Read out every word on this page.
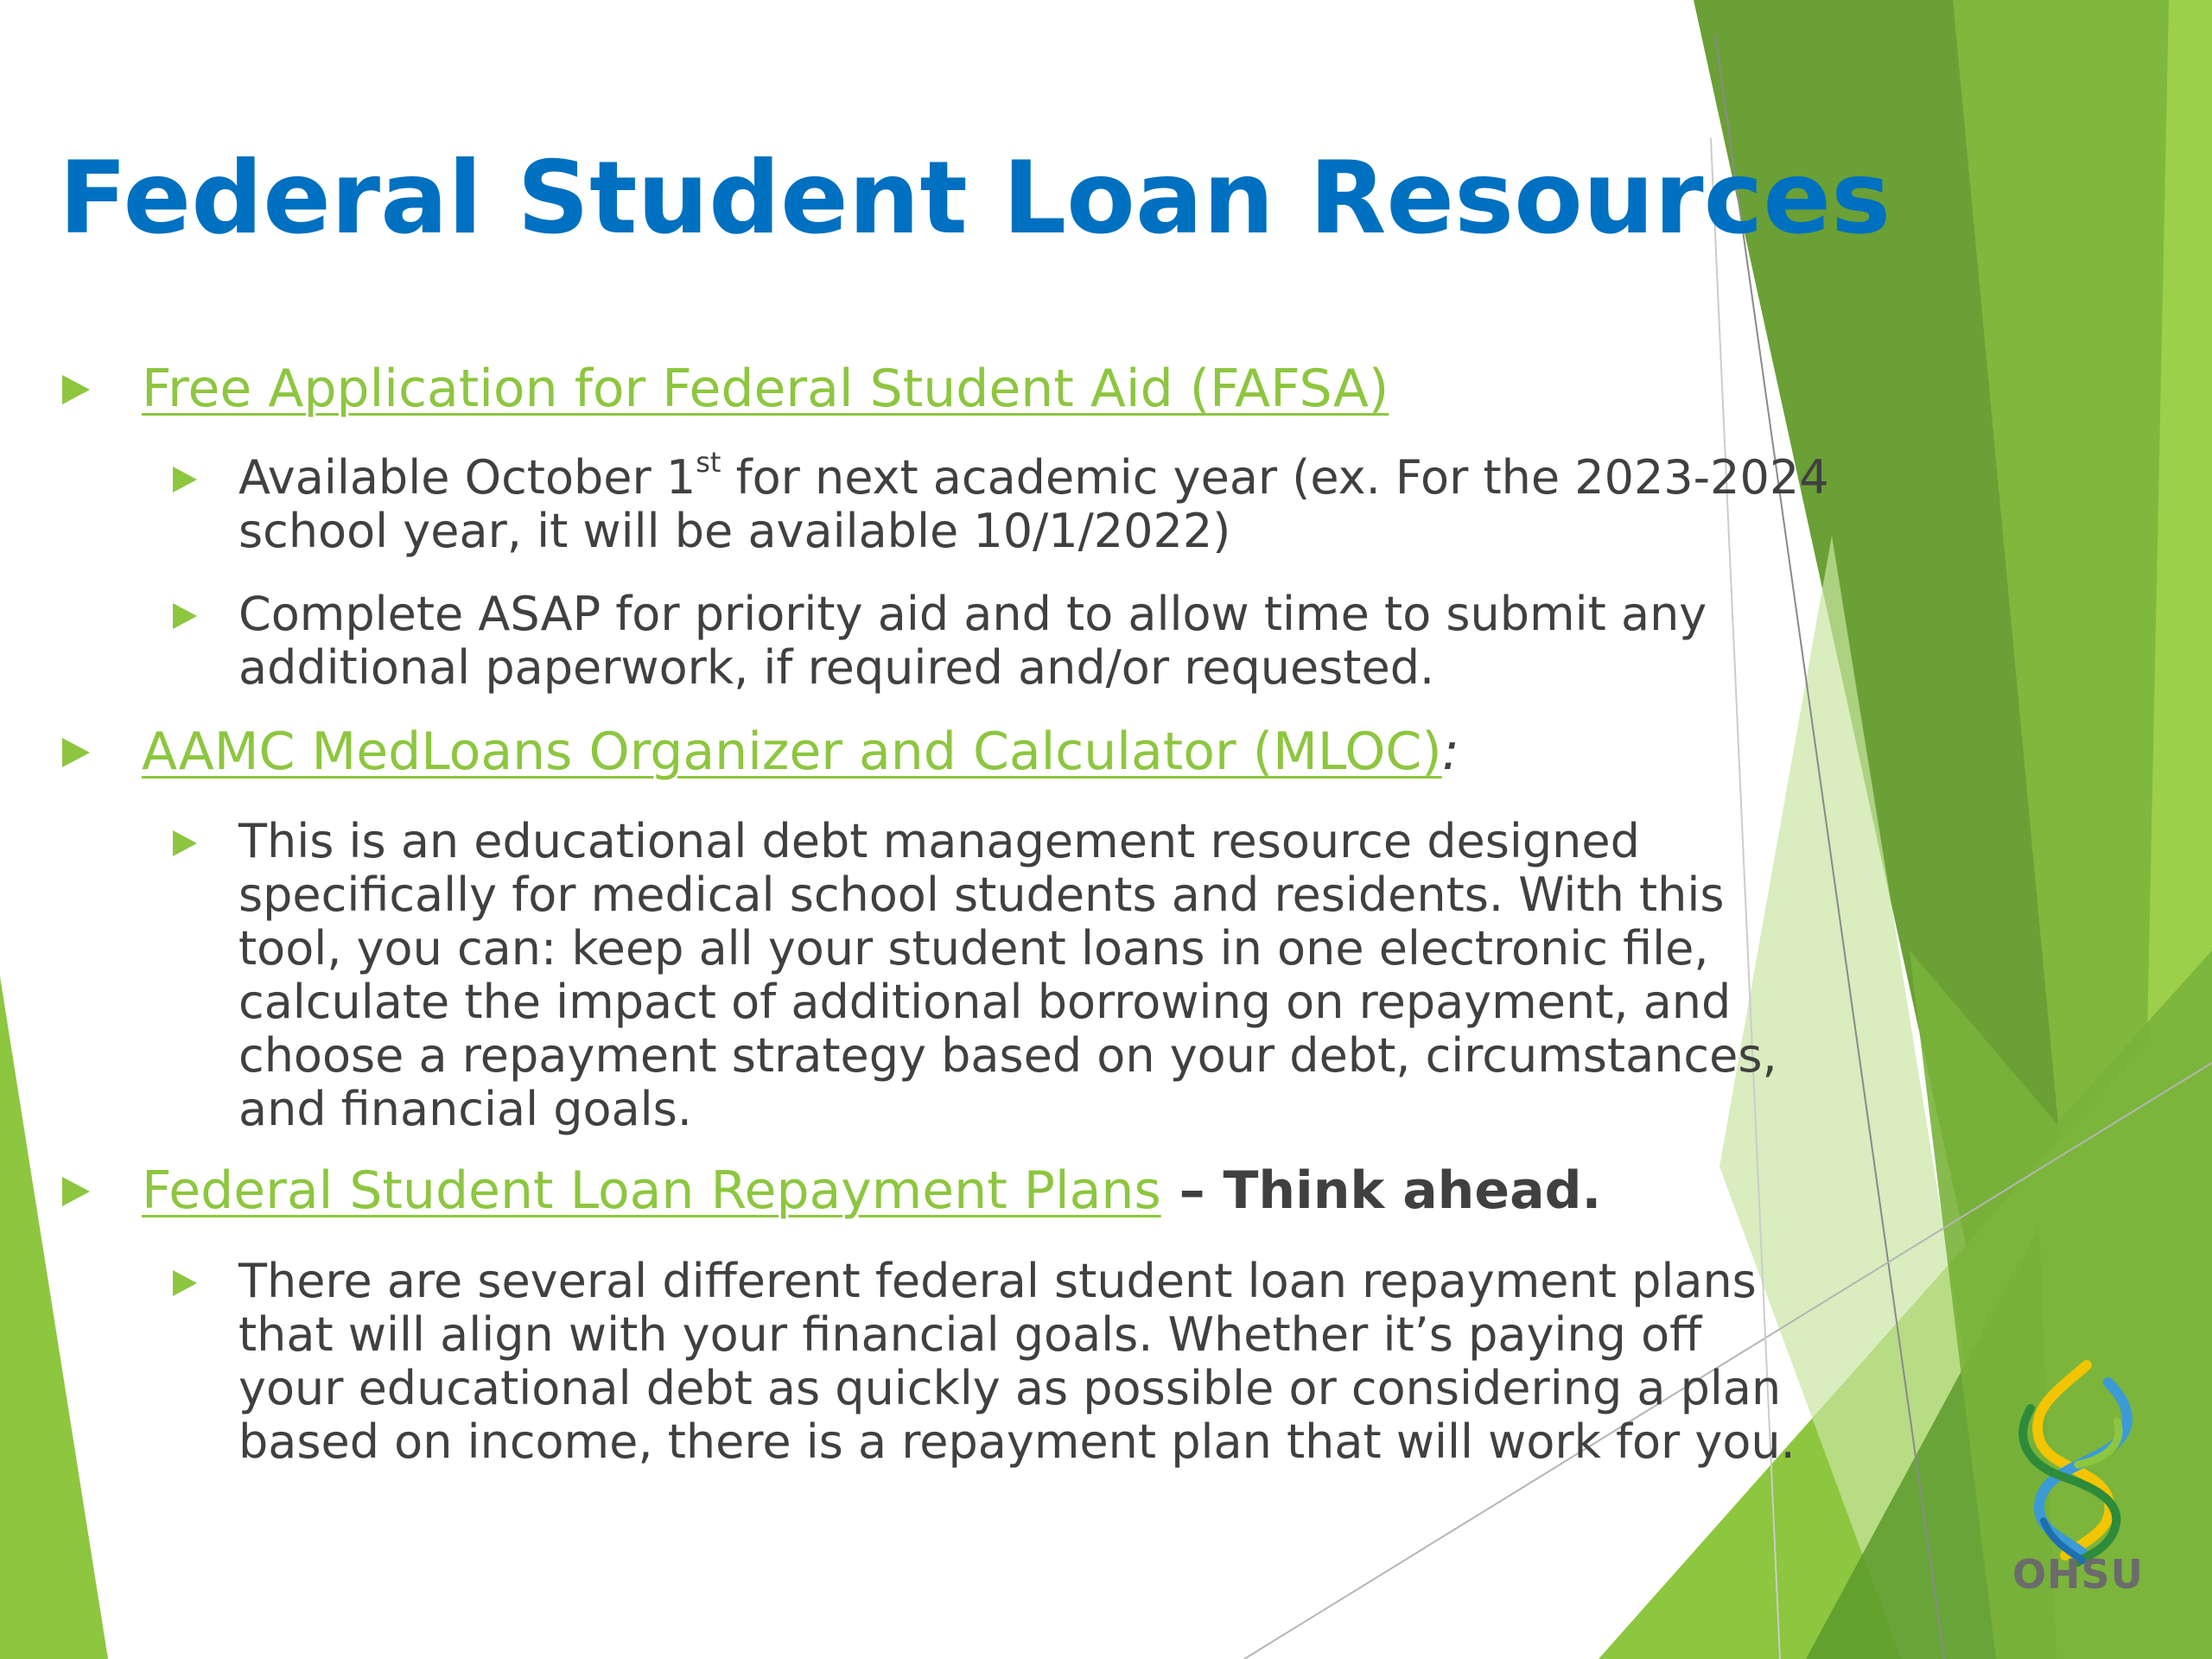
Federal Student Loan Resources
Free Application for Federal Student Aid (FAFSA)
Available October 1st for next academic year (ex. For the 2023-2024
school year, it will be available 10/1/2022)
Complete ASAP for priority aid and to allow time to submit any
additional paperwork, if required and/or requested.
AAMC MedLoans Organizer and Calculator (MLOC):
This is an educational debt management resource designed
specifically for medical school students and residents. With this
tool, you can: keep all your student loans in one electronic file,
calculate the impact of additional borrowing on repayment, and
choose a repayment strategy based on your debt, circumstances,
and financial goals.
Federal Student Loan Repayment Plans – Think ahead.
There are several different federal student loan repayment plans
that will align with your financial goals. Whether it’s paying off
your educational debt as quickly as possible or considering a plan
based on income, there is a repayment plan that will work for you.
OHSU
